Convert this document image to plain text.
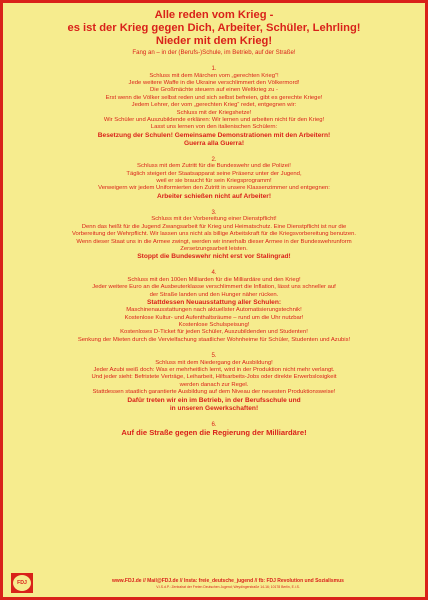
Alle reden vom Krieg -

es ist der Krieg gegen Dich, Arbeiter, Schüler, Lehrling!

Nieder mit dem Krieg!

Fang an – in der (Berufs-)Schule, im Betrieb, auf der Straße!

1.

Schluss mit dem Märchen vom „gerechten Krieg“!

Jede weitere Waffe in die Ukraine verschlimmert den Völkermord!

Die Großmächte steuern auf einen Weltkrieg zu -

Erst wenn die Völker selbst reden und sich selbst befreien, gibt es gerechte Kriege!

Jedem Lehrer, der vom „gerechten Krieg“ redet, entgegnen wir:

Schluss mit der Kriegshetze!

Wir Schüler und Auszubildende erklären: Wir lernen und arbeiten nicht für den Krieg!

Lasst uns lernen von den italienischen Schülern:

Besetzung der Schulen! Gemeinsame Demonstrationen mit den Arbeitern!

Guerra alla Guerra!

2.

Schluss mit dem Zutritt für die Bundeswehr und die Polizei!

Täglich steigert der Staatsapparat seine Präsenz unter der Jugend,

weil er sie braucht für sein Kriegsprogramm!

Verweigern wir jedem Uniformierten den Zutritt in unsere Klassenzimmer und entgegnen:

Arbeiter schießen nicht auf Arbeiter!

3.

Schluss mit der Vorbereitung einer Dienstpflicht!

Denn das heißt für die Jugend Zwangsarbeit für Krieg und Heimatschutz. Eine Dienstpflicht ist nur die

Vorbereitung der Wehrpflicht. Wir lassen uns nicht als billige Arbeitskraft für die Kriegsvorbereitung benutzen.

Wenn dieser Staat uns in die Armee zwingt, werden wir innerhalb dieser Armee in der Bundeswehrunform

Zersetzungsarbeit leisten.

Stoppt die Bundeswehr nicht erst vor Stalingrad!

4.

Schluss mit den 100en Milliarden für die Milliardäre und den Krieg!

Jeder weitere Euro an die Ausbeuterklasse verschlimmert die Inflation, lässt uns schneller auf

der Straße landen und den Hunger näher rücken.

Stattdessen Neuausstattung aller Schulen:

Maschinenausstattungen nach aktuellster Automatisierungstechnik!

Kostenlose Kultur- und Aufenthaltsräume – rund um die Uhr nutzbar!

Kostenlose Schulspeisung!

Kostenloses D-Ticket für jeden Schüler, Auszubildenden und Studenten!

Senkung der Mieten durch die Vervielfachung staatlicher Wohnheime für Schüler, Studenten und Azubis!

5.

Schluss mit dem Niedergang der Ausbildung!

Jeder Azubi weiß doch: Was er mehrheitlich lernt, wird in der Produktion nicht mehr verlangt.

Und jeder sieht: Befristete Verträge, Leiharbeit, Hilfsarbeits-Jobs oder direkte Erwerbslosigkeit

werden danach zur Regel.

Stattdessen staatlich garantierte Ausbildung auf dem Niveau der neuesten Produktionsweise!

Dafür treten wir ein im Betrieb, in der Berufsschule und

in unseren Gewerkschaften!

6.

Auf die Straße gegen die Regierung der Milliardäre!

FDJ	www.FDJ.de // Mail@FDJ.de // Insta: freie_deutsche_jugend // fb: FDJ Revolution und Sozialismus
V.i.S.d.P.: Zentralrat der Freien Deutschen Jugend; Weydingerstraße 14-16; 10178 Berlin, E.i.S.
